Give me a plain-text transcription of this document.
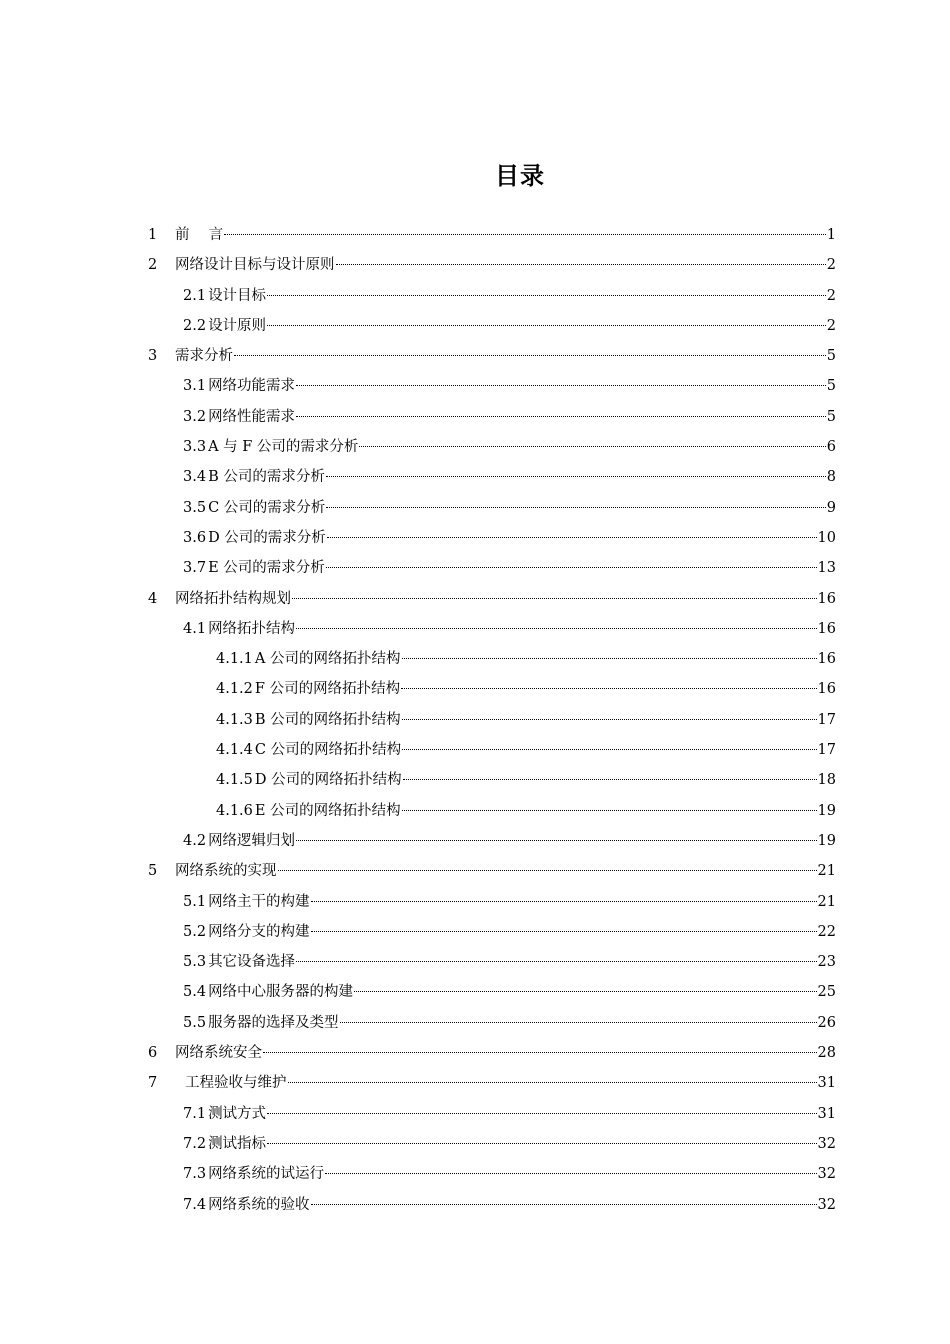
目录
1	前　 言	1
2	网络设计目标与设计原则	2
2.1 设计目标	2
2.2 设计原则	2
3	需求分析	5
3.1 网络功能需求	5
3.2 网络性能需求	5
3.3 A 与 F 公司的需求分析	6
3.4 B 公司的需求分析	8
3.5 C 公司的需求分析	9
3.6 D 公司的需求分析	10
3.7 E 公司的需求分析	13
4	网络拓扑结构规划	16
4.1 网络拓扑结构	16
4.1.1 A 公司的网络拓扑结构	16
4.1.2 F 公司的网络拓扑结构	16
4.1.3 B 公司的网络拓扑结构	17
4.1.4 C 公司的网络拓扑结构	17
4.1.5 D 公司的网络拓扑结构	18
4.1.6 E 公司的网络拓扑结构	19
4.2 网络逻辑归划	19
5	网络系统的实现	21
5.1 网络主干的构建	21
5.2 网络分支的构建	22
5.3 其它设备选择	23
5.4 网络中心服务器的构建	25
5.5 服务器的选择及类型	26
6	网络系统安全	28
7	工程验收与维护	31
7.1 测试方式	31
7.2 测试指标	32
7.3 网络系统的试运行	32
7.4 网络系统的验收	32
